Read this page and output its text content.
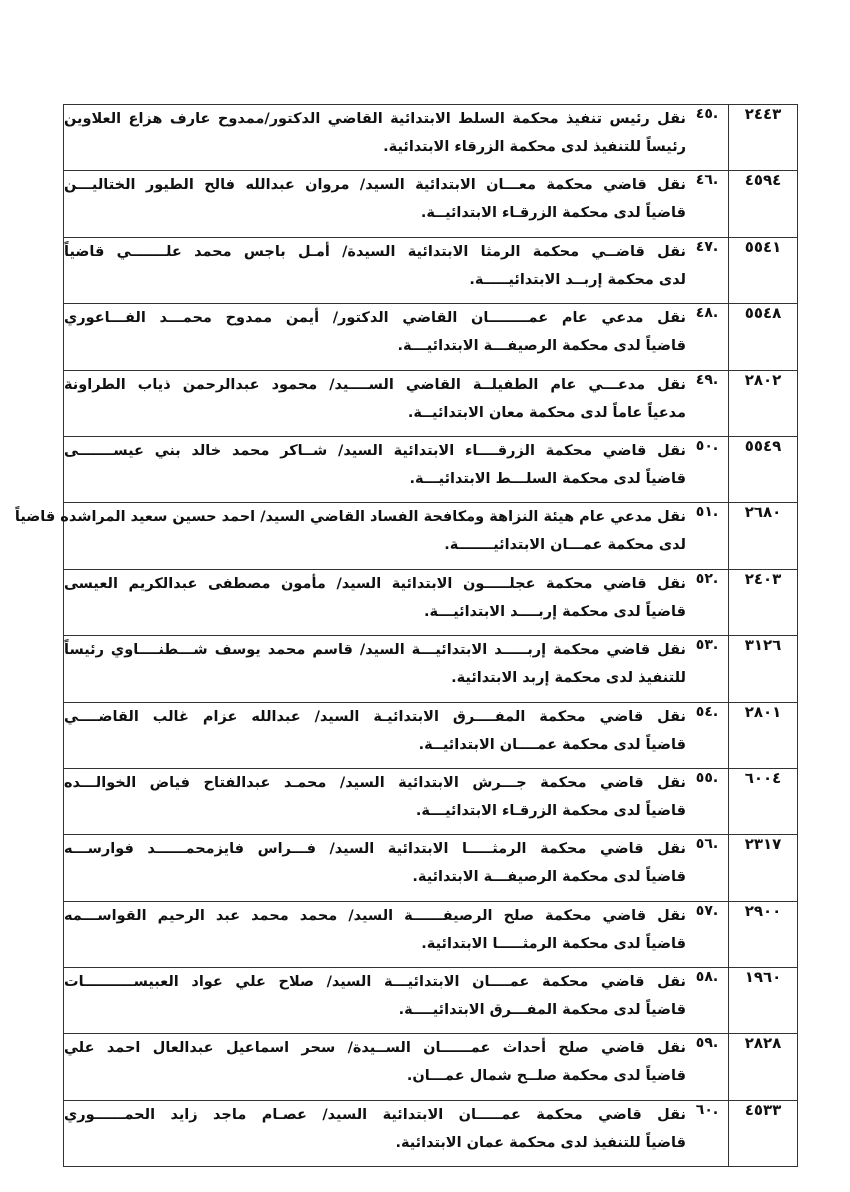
٢٤٤٣	.٤٥
نقل رئيس تنفيذ محكمة السلط الابتدائية القاضي الدكتور/ممدوح عارف هزاع العلاوين
رئيساً للتنفيذ لدى محكمة الزرقاء الابتدائية.

٤٥٩٤	.٤٦
نقل قاضي محكمة معـــان الابتدائية السيد/ مروان عبدالله فالح الطيور الختاليـــن
قاضياً لدى محكمة الزرقـاء الابتدائيــة.

٥٥٤١	.٤٧
نقل قاضــي محكمة الرمثا الابتدائية السيدة/ أمـل باجس محمد علـــــــي قاضياً
لدى محكمة إربــد الابتدائيـــــة.

٥٥٤٨	.٤٨
نقل مدعي عام عمــــــــان القاضي الدكتور/ أيمن ممدوح محمـــد الفـــاعوري
قاضياً لدى محكمة الرصيفـــة الابتدائيـــة.

٢٨٠٢	.٤٩
نقل مدعـــي عام الطفيلــة القاضي الســــيد/ محمود عبدالرحمن ذياب الطراونة
مدعياً عاماً لدى محكمة معان الابتدائيــة.

٥٥٤٩	.٥٠
نقل قاضي محكمة الزرقــــاء الابتدائية السيد/ شــاكر محمد خالد بني عيســـــــى
قاضياً لدى محكمة السلـــط الابتدائيـــة.

٢٦٨٠	.٥١
نقل مدعي عام هيئة النزاهة ومكافحة الفساد القاضي السيد/ احمد حسين سعيد المراشده قاضياً
لدى محكمة عمـــان الابتدائيـــــــة.

٢٤٠٣	.٥٢
نقل قاضي محكمة عجلـــــون الابتدائية السيد/ مأمون مصطفى عبدالكريم العيسى
قاضياً لدى محكمة إربــــد الابتدائيـــة.

٣١٢٦	.٥٣
نقل قاضي محكمة إربـــــد الابتدائيـــة السيد/ قاسم محمد يوسف شـــطنــــاوي رئيساً
للتنفيذ لدى محكمة إربد الابتدائية.

٢٨٠١	.٥٤
نقل قاضي محكمة المفــــرق الابتدائيـة السيد/ عبدالله عزام غالب القاضــــي
قاضياً لدى محكمة عمــــان الابتدائيــة.

٦٠٠٤	.٥٥
نقل قاضي محكمة جـــرش الابتدائية السيد/ محمـد عبدالفتاح فياض الخوالـــده
قاضياً لدى محكمة الزرقـاء الابتدائيـــة.

٢٣١٧	.٥٦
نقل قاضي محكمة الرمثـــــا الابتدائية السيد/ فـــراس فايزمحمــــــد فوارســـه
قاضياً لدى محكمة الرصيفـــة الابتدائية.

٢٩٠٠	.٥٧
نقل قاضي محكمة صلح الرصيفــــــة السيد/ محمد محمد عبد الرحيم القواســـمه
قاضياً لدى محكمة الرمثـــــا الابتدائية.

١٩٦٠	.٥٨
نقل قاضي محكمة عمــــان الابتدائيـــة السيد/ صلاح علي عواد العبيســــــــــات
قاضياً لدى محكمة المفـــرق الابتدائيــــة.

٢٨٢٨	.٥٩
نقل قاضي صلح أحداث عمــــــان الســيدة/ سحر اسماعيل عبدالعال احمد علي
قاضياً لدى محكمة صلــح شمال عمـــان.

٤٥٣٣	.٦٠
نقل قاضي محكمة عمـــــان الابتدائية السيد/ عصـام ماجد زايد الحمــــــوري
قاضياً للتنفيذ لدى محكمة عمان الابتدائية.
